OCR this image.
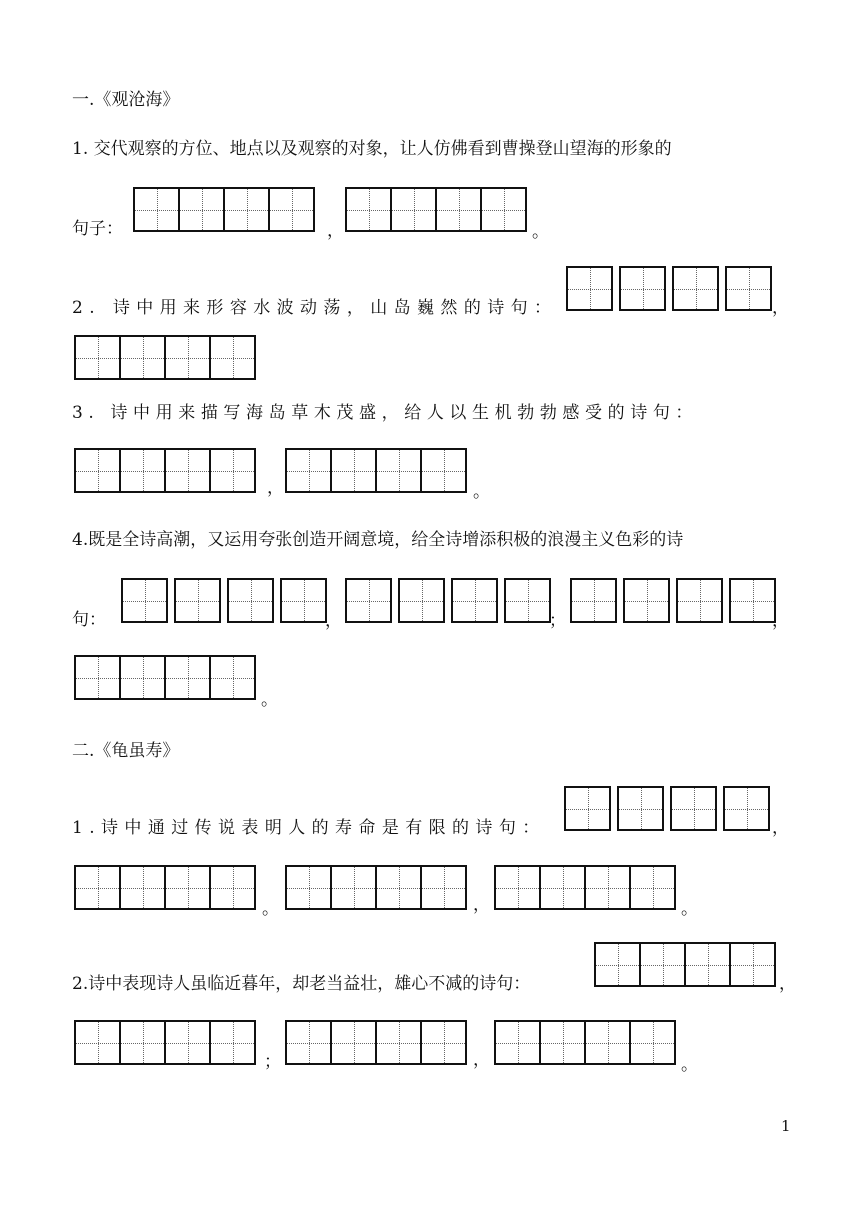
一.《观沧海》
1. 交代观察的方位、地点以及观察的对象，让人仿佛看到曹操登山望海的形象的
句子：	，	。
2. 诗中用来形容水波动荡，山岛巍然的诗句：	，
3. 诗中用来描写海岛草木茂盛，给人以生机勃勃感受的诗句：
，	。
4.既是全诗高潮，又运用夸张创造开阔意境，给全诗增添积极的浪漫主义色彩的诗
句：	，	；	，
。
二.《龟虽寿》
1.诗中通过传说表明人的寿命是有限的诗句：	，
。	，	。
2.诗中表现诗人虽临近暮年，却老当益壮，雄心不减的诗句：	，
；	，	。
1
